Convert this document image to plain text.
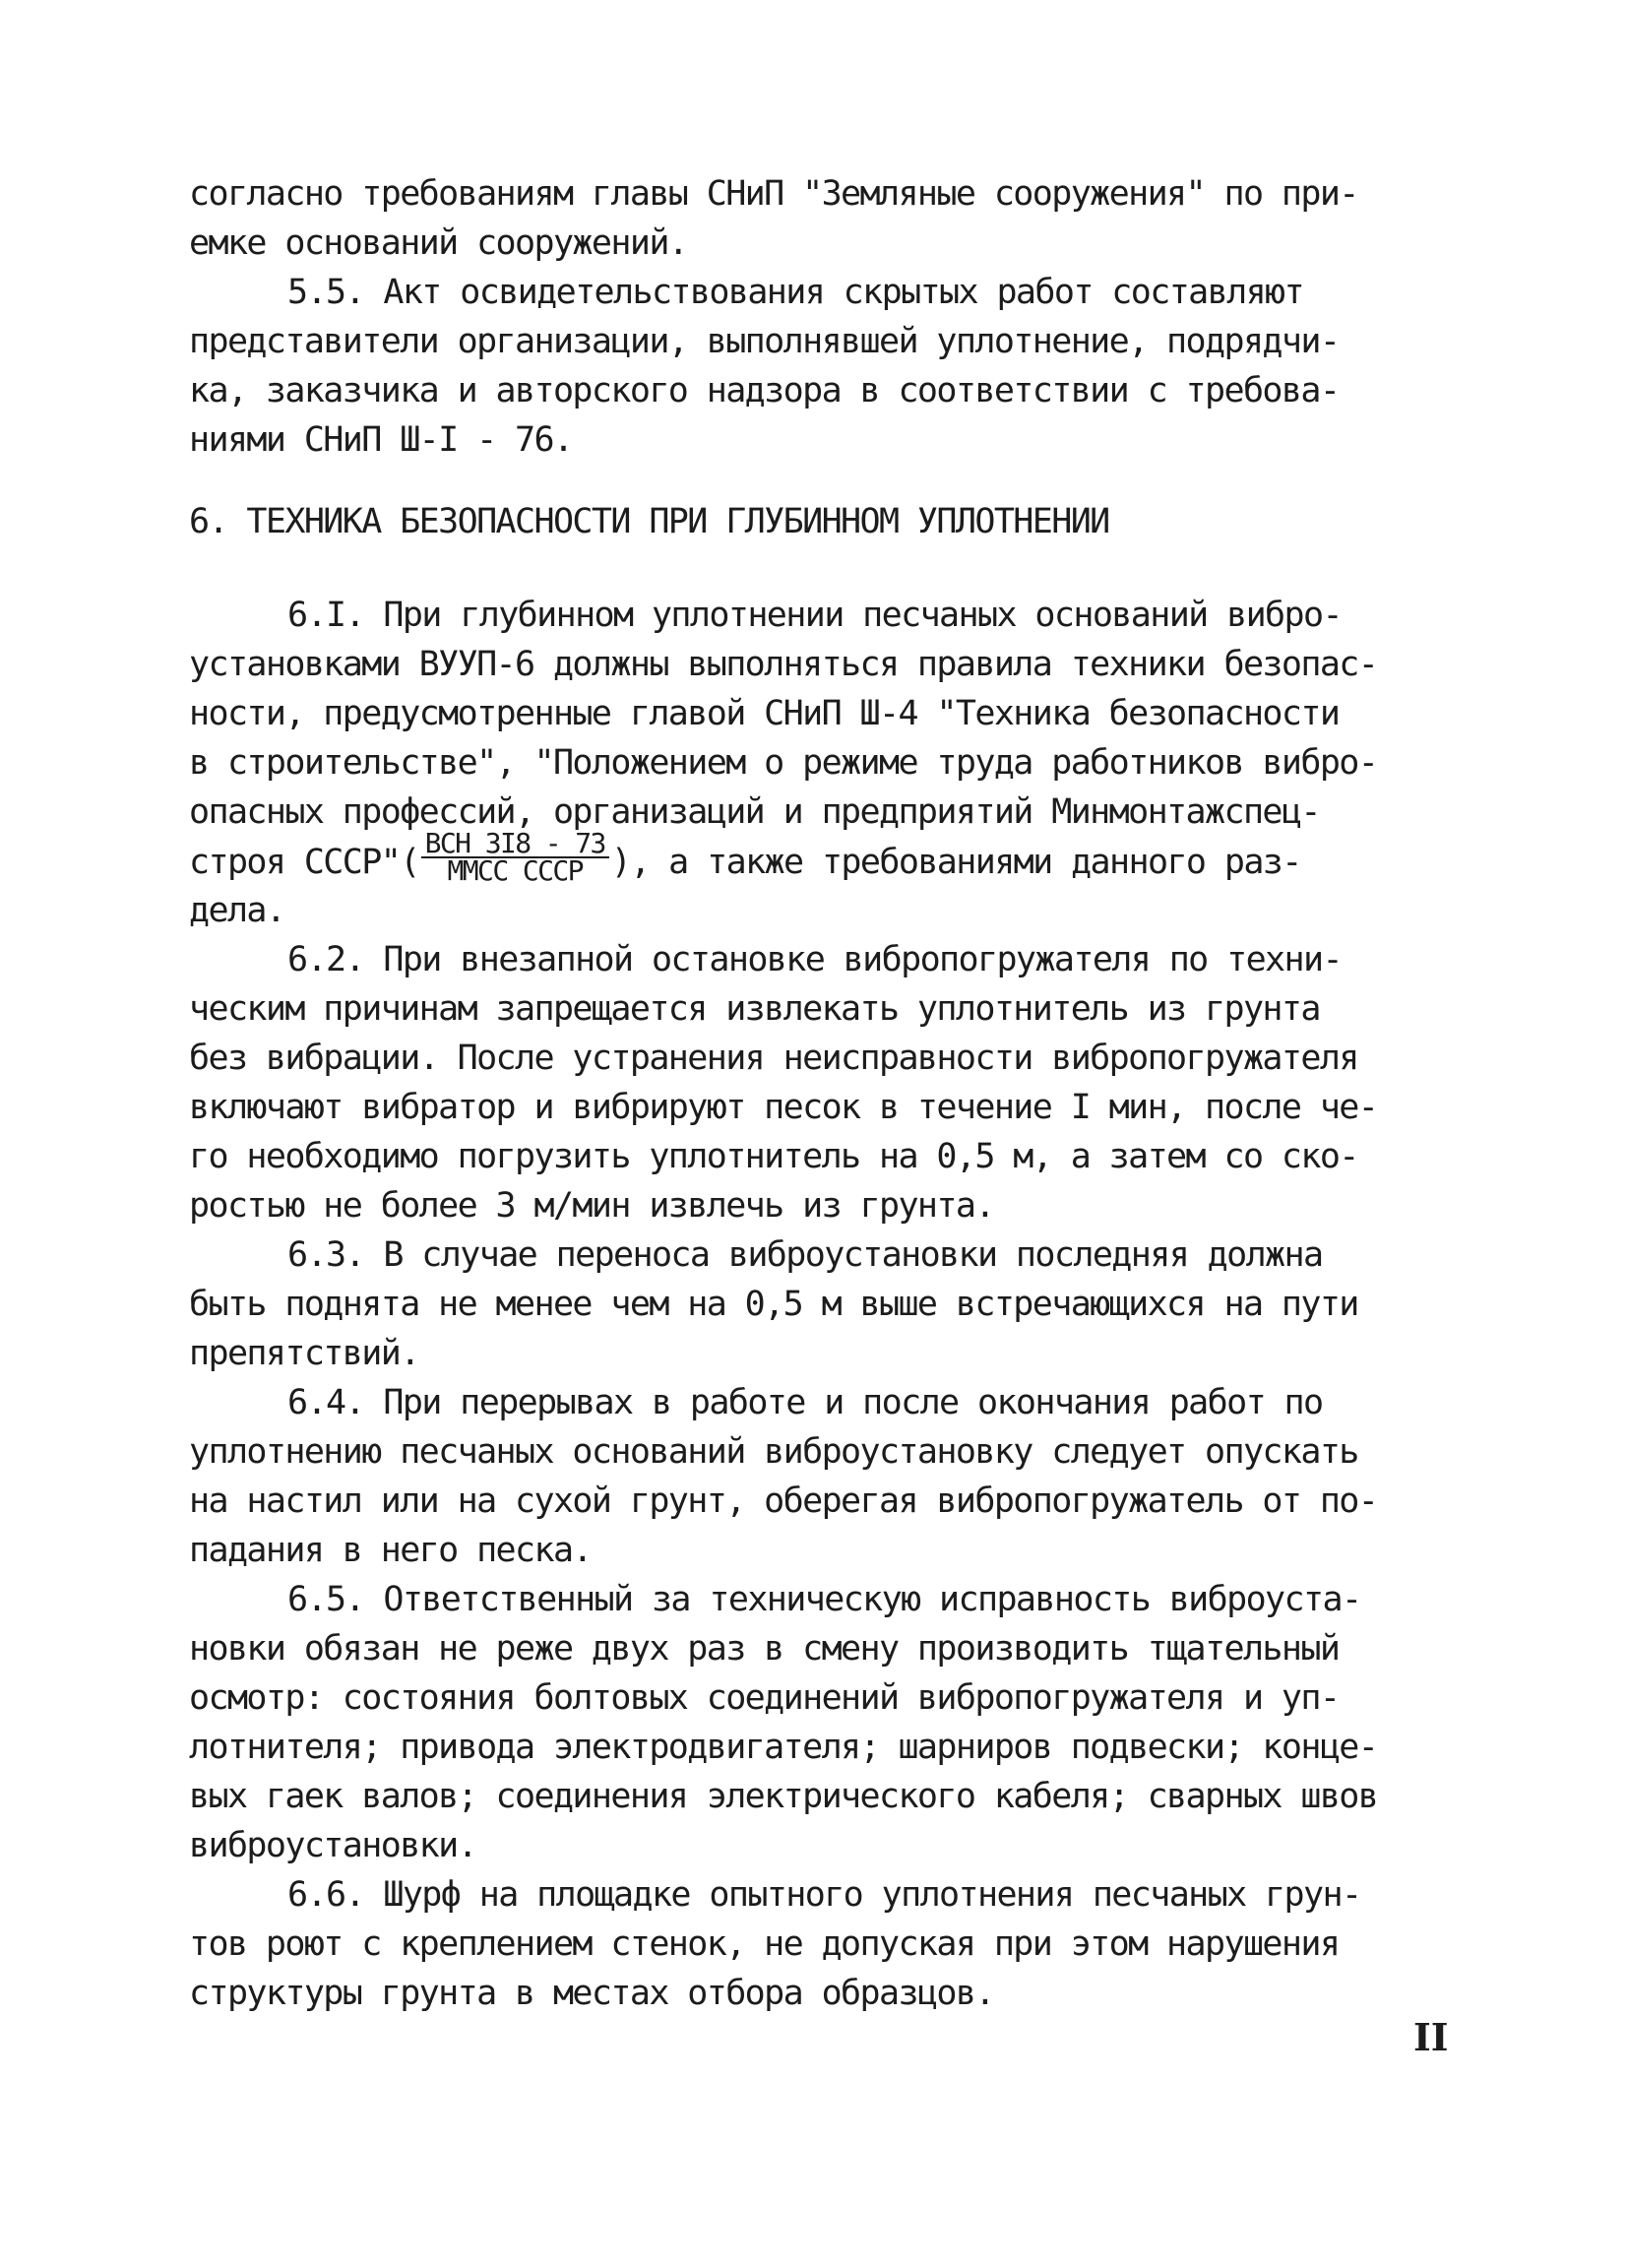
согласно требованиям главы СНиП "Земляные сооружения" по при-
емке оснований сооружений.
5.5. Акт освидетельствования скрытых работ составляют
представители организации, выполнявшей уплотнение, подрядчи-
ка, заказчика и авторского надзора в соответствии с требова-
ниями СНиП Ш-I - 76.
6. ТЕХНИКА БЕЗОПАСНОСТИ ПРИ ГЛУБИННОМ УПЛОТНЕНИИ
6.I. При глубинном уплотнении песчаных оснований вибро-
установками ВУУП-6 должны выполняться правила техники безопас-
ности, предусмотренные главой СНиП Ш-4 "Техника безопасности
в строительстве", "Положением о режиме труда работников вибро-
опасных профессий, организаций и предприятий Минмонтажспец-
строя СССР"( $\frac{\text{ВСН 3I8 - 73}}{\text{ММСС СССР}}$ ), а также требованиями данного раз-
дела.
6.2. При внезапной остановке вибропогружателя по техни-
ческим причинам запрещается извлекать уплотнитель из грунта
без вибрации. После устранения неисправности вибропогружателя
включают вибратор и вибрируют песок в течение I мин, после че-
го необходимо погрузить уплотнитель на 0,5 м, а затем со ско-
ростью не более 3 м/мин извлечь из грунта.
6.3. В случае переноса виброустановки последняя должна
быть поднята не менее чем на 0,5 м выше встречающихся на пути
препятствий.
6.4. При перерывах в работе и после окончания работ по
уплотнению песчаных оснований виброустановку следует опускать
на настил или на сухой грунт, оберегая вибропогружатель от по-
падания в него песка.
6.5. Ответственный за техническую исправность виброуста-
новки обязан не реже двух раз в смену производить тщательный
осмотр: состояния болтовых соединений вибропогружателя и уп-
лотнителя; привода электродвигателя; шарниров подвески; конце-
вых гаек валов; соединения электрического кабеля; сварных швов
виброустановки.
6.6. Шурф на площадке опытного уплотнения песчаных грун-
тов роют с креплением стенок, не допуская при этом нарушения
структуры грунта в местах отбора образцов.
II
